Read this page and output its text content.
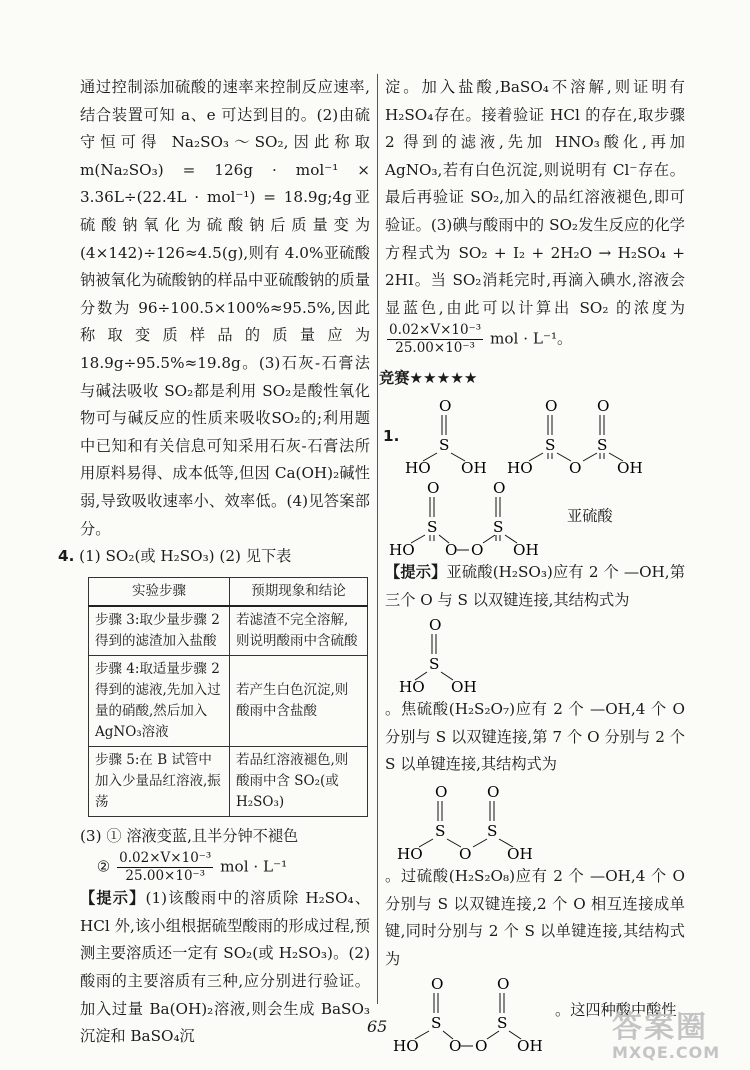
通过控制添加硫酸的速率来控制反应速率,结合装置可知 a、e 可达到目的。(2)由硫守恒可得 Na₂SO₃～SO₂,因此称取 m(Na₂SO₃) = 126g · mol⁻¹ × 3.36L÷(22.4L · mol⁻¹) = 18.9g;4g亚硫酸钠氧化为硫酸钠后质量变为(4×142)÷126≈4.5(g),则有 4.0%亚硫酸钠被氧化为硫酸钠的样品中亚硫酸钠的质量分数为 96÷100.5×100%≈95.5%,因此称取变质样品的质量应为18.9g÷95.5%≈19.8g。(3)石灰-石膏法与碱法吸收 SO₂都是利用 SO₂是酸性氧化物可与碱反应的性质来吸收SO₂的;利用题中已知和有关信息可知采用石灰-石膏法所用原料易得、成本低等,但因 Ca(OH)₂碱性弱,导致吸收速率小、效率低。(4)见答案部分。

4. (1) SO₂(或 H₂SO₃) (2) 见下表

实验步骤	预期现象和结论
步骤 3:取少量步骤 2 得到的滤渣加入盐酸	若滤渣不完全溶解,则说明酸雨中含硫酸
步骤 4:取适量步骤 2 得到的滤液,先加入过量的硝酸,然后加入 AgNO₃溶液	若产生白色沉淀,则酸雨中含盐酸
步骤 5:在 B 试管中加入少量品红溶液,振荡	若品红溶液褪色,则酸雨中含 SO₂(或 H₂SO₃)

(3) ① 溶液变蓝,且半分钟不褪色

② $\frac{\text{0.02×V×10⁻³}}{\text{25.00×10⁻³}}$ mol · L⁻¹

【提示】(1)该酸雨中的溶质除 H₂SO₄、HCl 外,该小组根据硫型酸雨的形成过程,预测主要溶质还一定有 SO₂(或 H₂SO₃)。(2)酸雨的主要溶质有三种,应分别进行验证。加入过量 Ba(OH)₂溶液,则会生成 BaSO₃沉淀和 BaSO₄沉

淀。加入盐酸,BaSO₄不溶解,则证明有 H₂SO₄存在。接着验证 HCl 的存在,取步骤 2 得到的滤液,先加 HNO₃酸化,再加 AgNO₃,若有白色沉淀,则说明有 Cl⁻存在。最后再验证 SO₂,加入的品红溶液褪色,即可验证。(3)碘与酸雨中的 SO₂发生反应的化学方程式为 SO₂ + I₂ + 2H₂O → H₂SO₄ + 2HI。当 SO₂消耗完时,再滴入碘水,溶液会显蓝色,由此可以计算出 SO₂ 的浓度为
$\frac{\text{0.02×V×10⁻³}}{\text{25.00×10⁻³}}$ mol · L⁻¹。

竞赛★★★★★

1.
O
S
HO OH
O
S
HO O
O
S
OH
O
S
HO O O
O
S
OH
亚硫酸

【提示】亚硫酸(H₂SO₃)应有 2 个 —OH,第三个 O 与 S 以双键连接,其结构式为

O
S
HO OH

。焦硫酸(H₂S₂O₇)应有 2 个 —OH,4 个 O 分别与 S 以双键连接,第 7 个 O 分别与 2 个 S 以单键连接,其结构式为

O
S
HO O
O
S
OH

。过硫酸(H₂S₂O₈)应有 2 个 —OH,4 个 O 分别与 S 以双键连接,2 个 O 相互连接成单键,同时分别与 2 个 S 以单键连接,其结构式为

O
S
HO O O
O
S
OH
。这四种酸中酸性
65	答案圈
MXQE.COM
